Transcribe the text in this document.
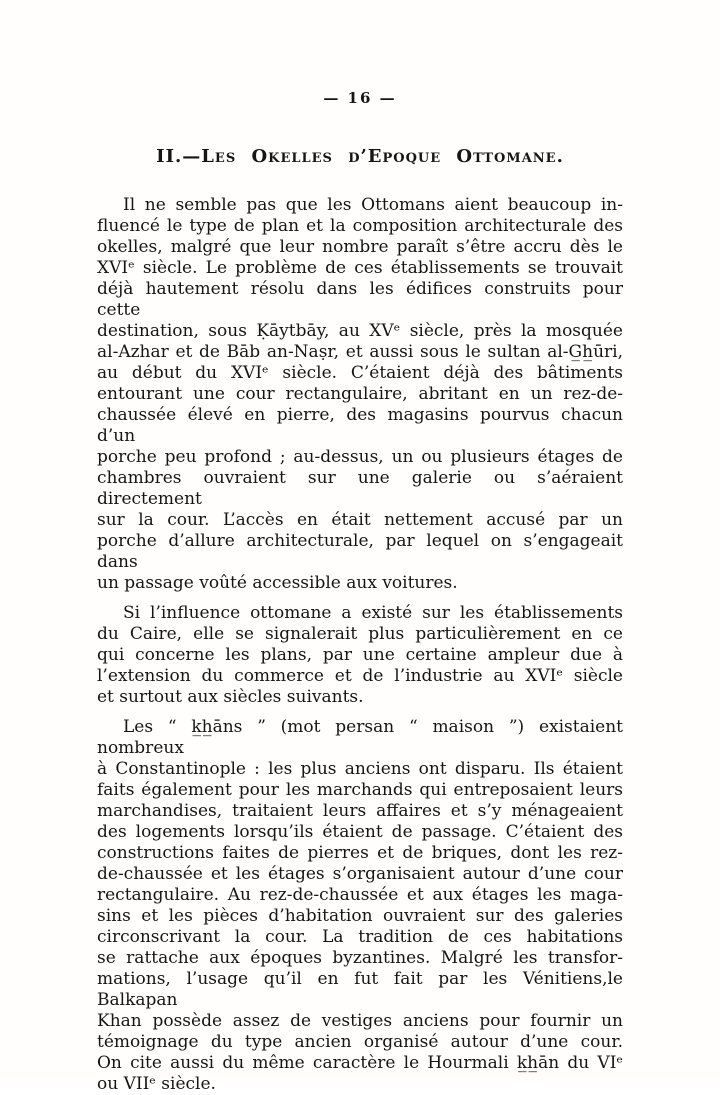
— 16 —
II.—Les Okelles d’Epoque Ottomane.
Il ne semble pas que les Ottomans aient beaucoup in-
fluencé le type de plan et la composition architecturale des
okelles, malgré que leur nombre paraît s’être accru dès le
XVIᵉ siècle. Le problème de ces établissements se trouvait
déjà hautement résolu dans les édifices construits pour cette
destination, sous Ḳāytbāy, au XVᵉ siècle, près la mosquée
al-Azhar et de Bāb an-Naṣr, et aussi sous le sultan al-G̲h̲ūri,
au début du XVIᵉ siècle. C’étaient déjà des bâtiments
entourant une cour rectangulaire, abritant en un rez-de-
chaussée élevé en pierre, des magasins pourvus chacun d’un
porche peu profond ; au-dessus, un ou plusieurs étages de
chambres ouvraient sur une galerie ou s’aéraient directement
sur la cour. L’accès en était nettement accusé par un
porche d’allure architecturale, par lequel on s’engageait dans
un passage voûté accessible aux voitures.
Si l’influence ottomane a existé sur les établissements
du Caire, elle se signalerait plus particulièrement en ce
qui concerne les plans, par une certaine ampleur due à
l’extension du commerce et de l’industrie au XVIᵉ siècle
et surtout aux siècles suivants.
Les “ k̲h̲āns ” (mot persan “ maison ”) existaient nombreux
à Constantinople : les plus anciens ont disparu. Ils étaient
faits également pour les marchands qui entreposaient leurs
marchandises, traitaient leurs affaires et s’y ménageaient
des logements lorsqu’ils étaient de passage. C’étaient des
constructions faites de pierres et de briques, dont les rez-
de-chaussée et les étages s’organisaient autour d’une cour
rectangulaire. Au rez-de-chaussée et aux étages les maga-
sins et les pièces d’habitation ouvraient sur des galeries
circonscrivant la cour. La tradition de ces habitations
se rattache aux époques byzantines. Malgré les transfor-
mations, l’usage qu’il en fut fait par les Vénitiens,le Balkapan
Khan possède assez de vestiges anciens pour fournir un
témoignage du type ancien organisé autour d’une cour.
On cite aussi du même caractère le Hourmali k̲h̲ān du VIᵉ
ou VIIᵉ siècle.
